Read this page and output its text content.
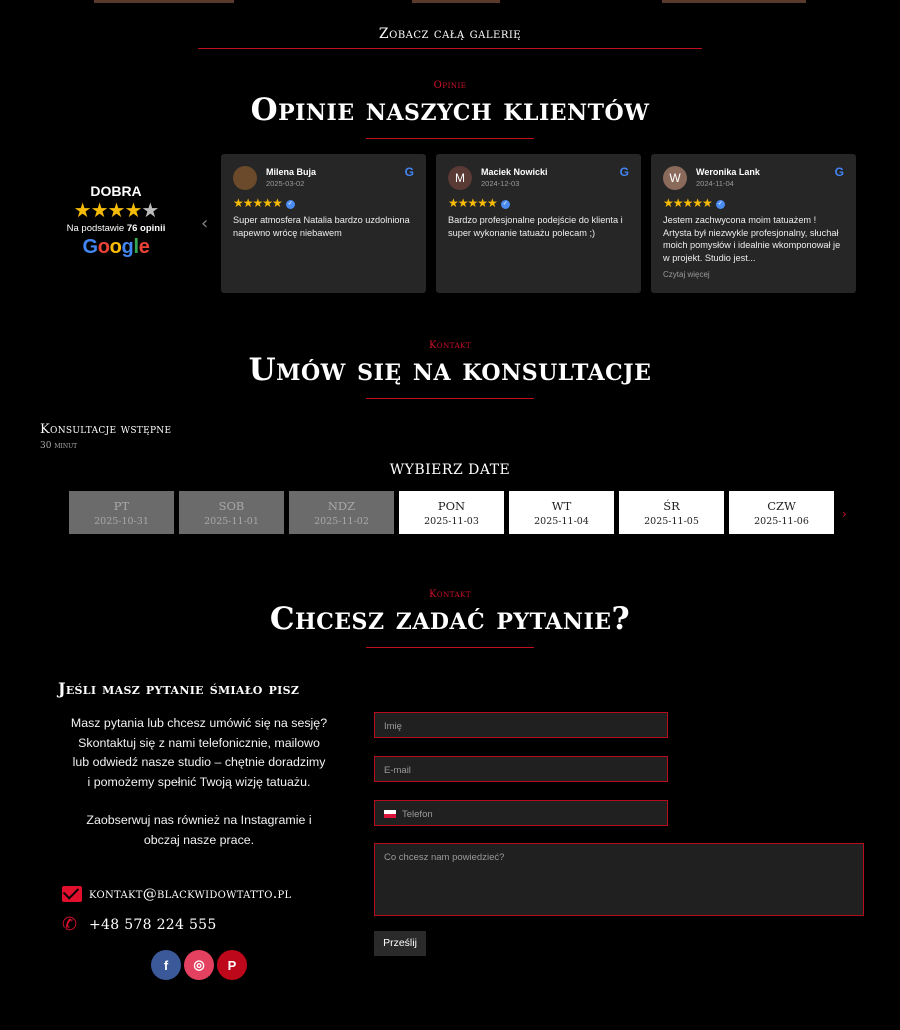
Zobacz całą galerię
Opinie
Opinie naszych klientów
DOBRA
★★★★★
Na podstawie 76 opinii
Google
‹
Milena Buja
2025-03-02
G
★★★★★ ✓
Super atmosfera Natalia bardzo uzdolniona napewno wrócę niebawem
M	Maciek Nowicki
2024-12-03
G
★★★★★ ✓
Bardzo profesjonalne podejście do klienta i super wykonanie tatuażu polecam ;)
W	Weronika Lank
2024-11-04
G
★★★★★ ✓
Jestem zachwycona moim tatuażem ! Artysta był niezwykle profesjonalny, słuchał moich pomysłów i idealnie wkomponował je w projekt. Studio jest...
Czytaj więcej
Kontakt
Umów się na konsultacje
Konsultacje wstępne
30 minut
WYBIERZ DATE
PT
2025-10-31
SOB
2025-11-01
NDZ
2025-11-02
PON
2025-11-03
WT
2025-11-04
ŚR
2025-11-05
CZW
2025-11-06
›
Kontakt
Chcesz zadać pytanie?
Jeśli masz pytanie śmiało pisz
Masz pytania lub chcesz umówić się na sesję?
Skontaktuj się z nami telefonicznie, mailowo
lub odwiedź nasze studio – chętnie doradzimy
i pomożemy spełnić Twoją wizję tatuażu.
Zaobserwuj nas również na Instagramie i
obczaj nasze prace.
kontakt@blackwidowtatto.pl
✆ +48 578 224 555
f	◎	P
Imię
E-mail
Telefon
Co chcesz nam powiedzieć?
Prześlij
